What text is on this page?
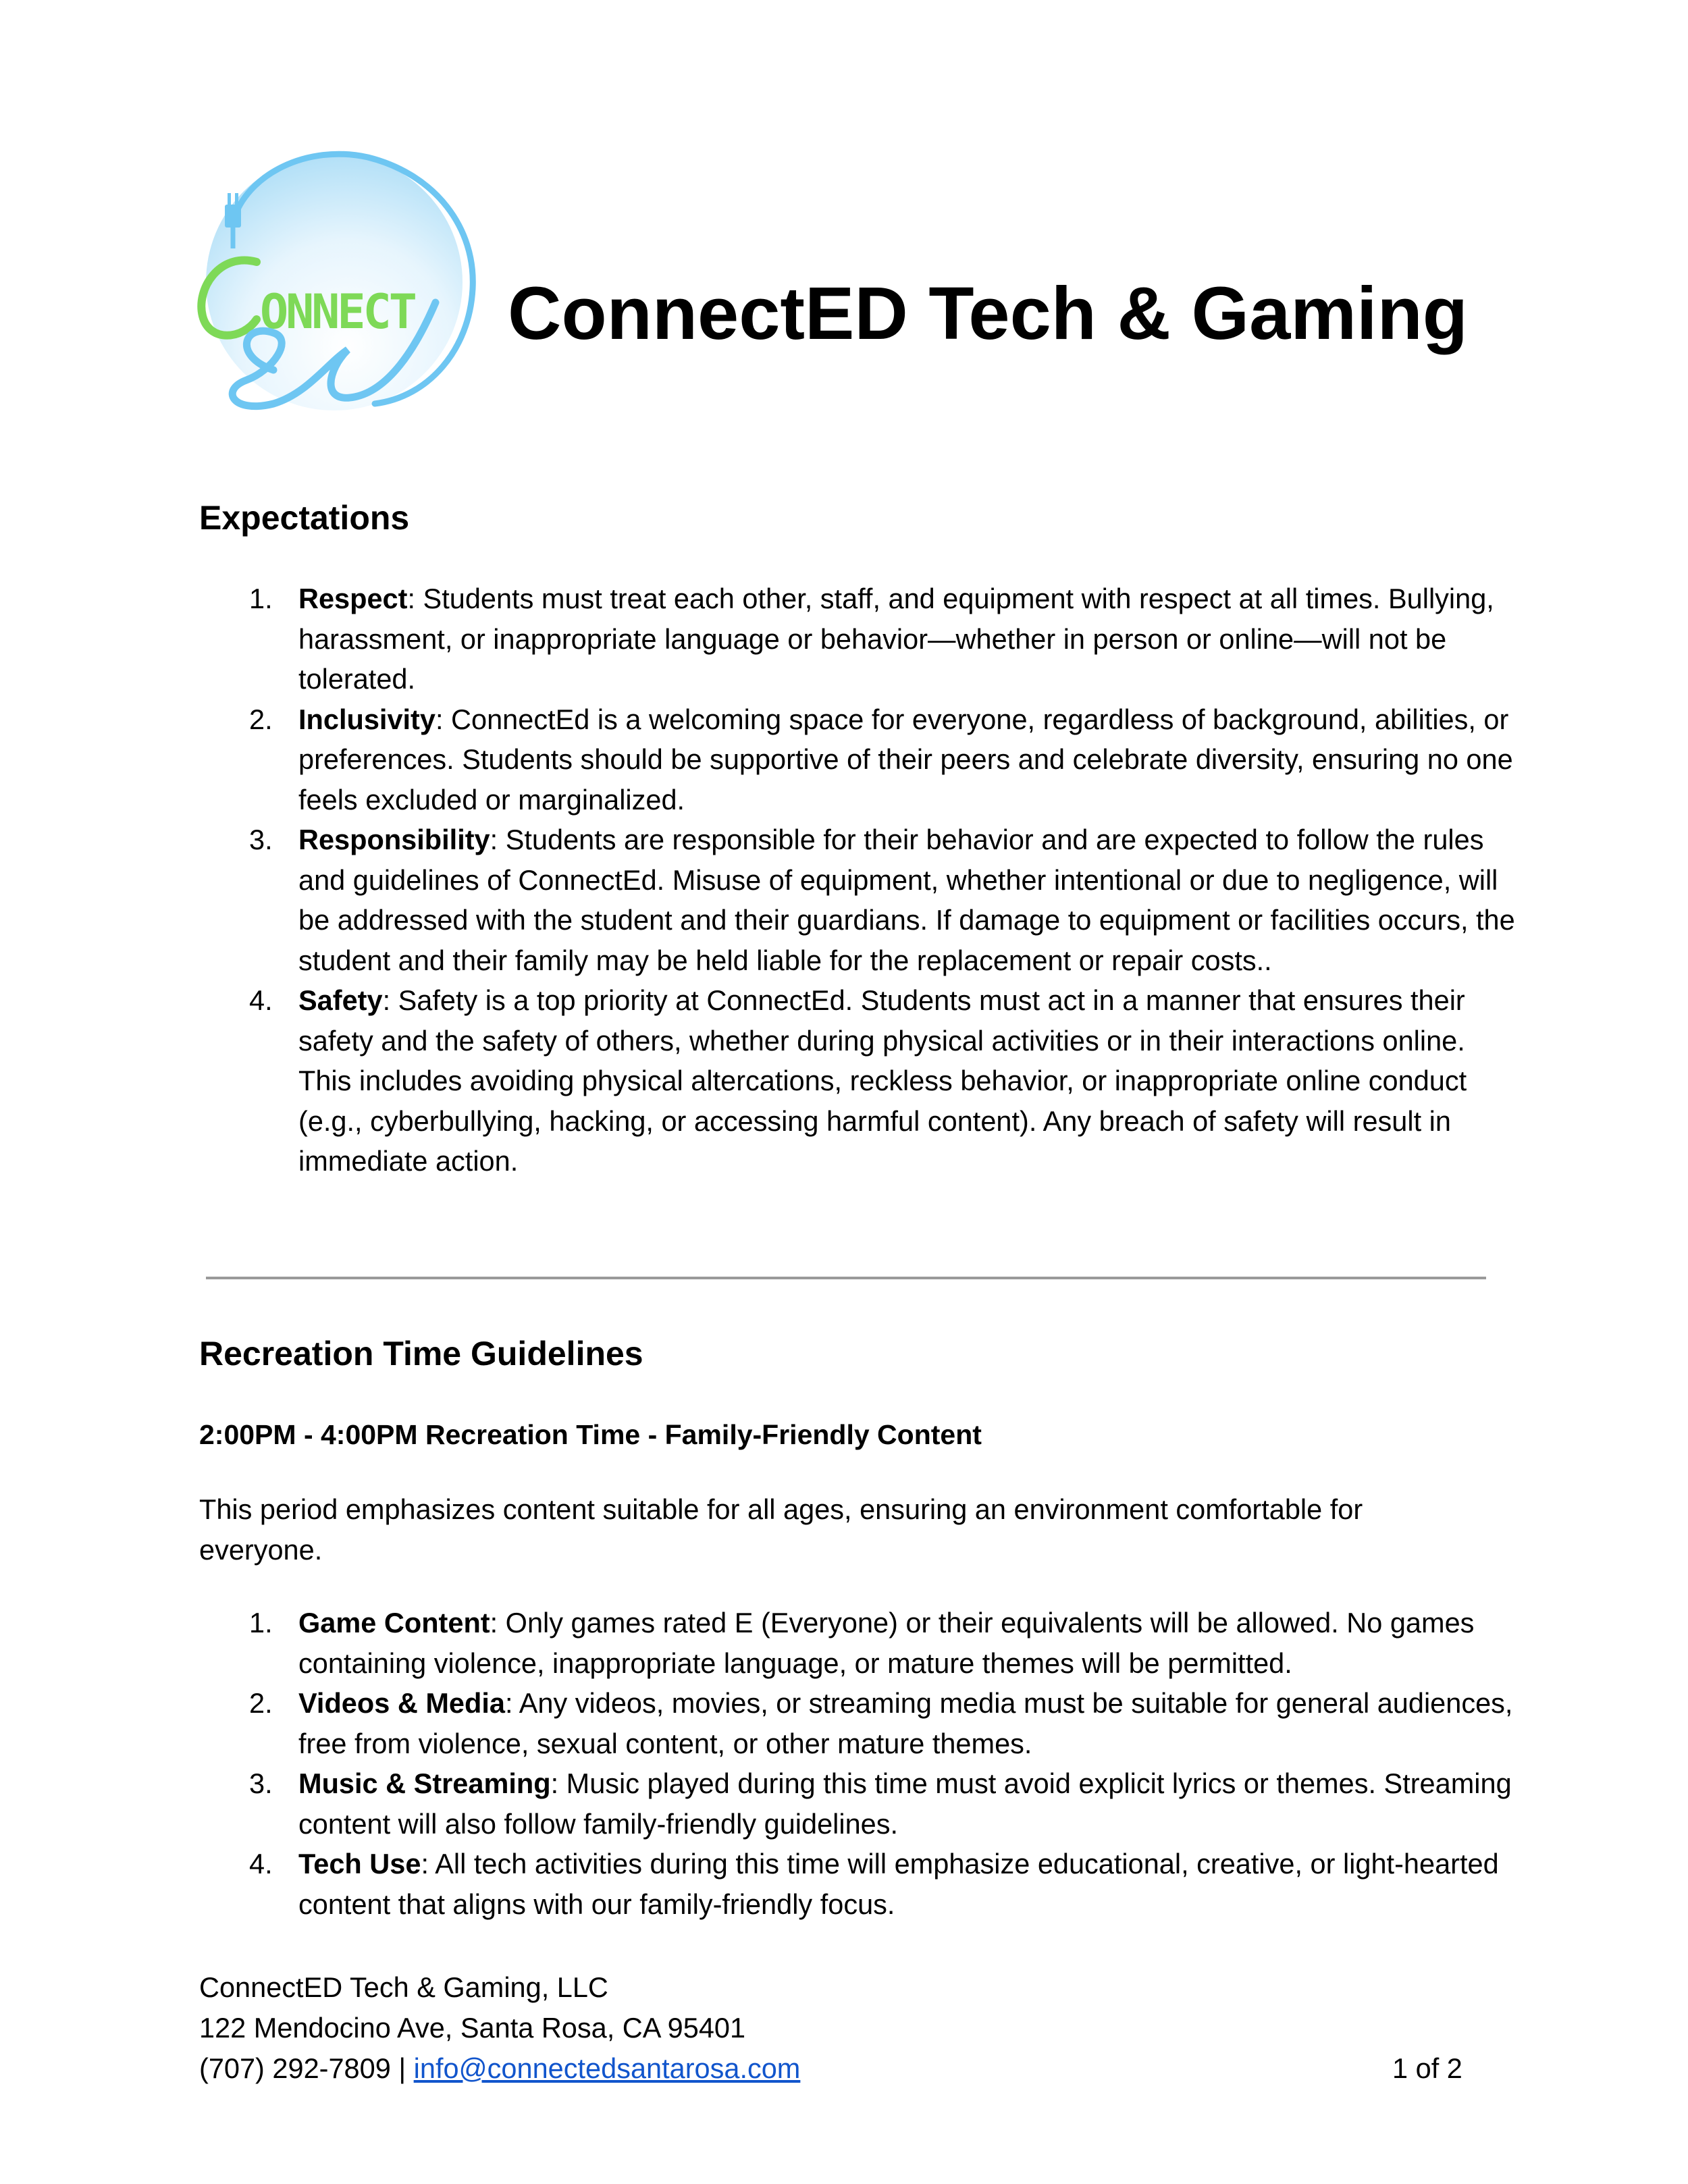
ONNECT ConnectED Tech & Gaming
Expectations
1. Respect: Students must treat each other, staff, and equipment with respect at all times. Bullying, harassment, or inappropriate language or behavior—whether in person or online—will not be tolerated.
2. Inclusivity: ConnectEd is a welcoming space for everyone, regardless of background, abilities, or preferences. Students should be supportive of their peers and celebrate diversity, ensuring no one feels excluded or marginalized.
3. Responsibility: Students are responsible for their behavior and are expected to follow the rules and guidelines of ConnectEd. Misuse of equipment, whether intentional or due to negligence, will be addressed with the student and their guardians. If damage to equipment or facilities occurs, the student and their family may be held liable for the replacement or repair costs..
4. Safety: Safety is a top priority at ConnectEd. Students must act in a manner that ensures their safety and the safety of others, whether during physical activities or in their interactions online. This includes avoiding physical altercations, reckless behavior, or inappropriate online conduct (e.g., cyberbullying, hacking, or accessing harmful content). Any breach of safety will result in immediate action.
Recreation Time Guidelines
2:00PM - 4:00PM Recreation Time - Family-Friendly Content

This period emphasizes content suitable for all ages, ensuring an environment comfortable for everyone.

1. Game Content: Only games rated E (Everyone) or their equivalents will be allowed. No games containing violence, inappropriate language, or mature themes will be permitted.
2. Videos & Media: Any videos, movies, or streaming media must be suitable for general audiences, free from violence, sexual content, or other mature themes.
3. Music & Streaming: Music played during this time must avoid explicit lyrics or themes. Streaming content will also follow family-friendly guidelines.
4. Tech Use: All tech activities during this time will emphasize educational, creative, or light-hearted content that aligns with our family-friendly focus.
ConnectED Tech & Gaming, LLC
122 Mendocino Ave, Santa Rosa, CA 95401
(707) 292-7809 | info@connectedsantarosa.com	1 of 2
